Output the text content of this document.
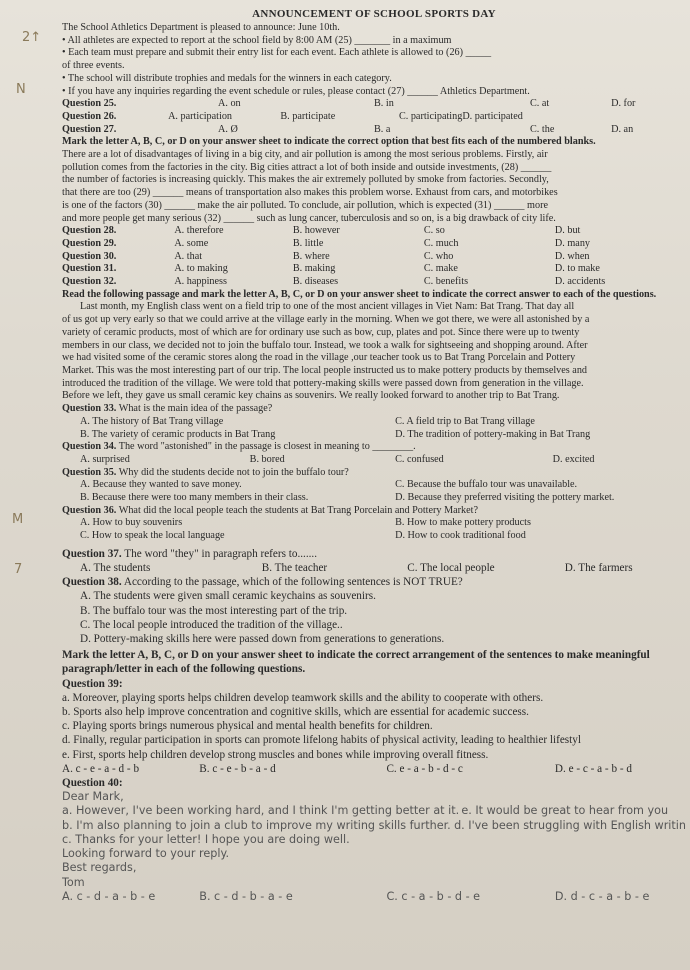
2↑
N
M
7
ANNOUNCEMENT OF SCHOOL SPORTS DAY
The School Athletics Department is pleased to announce: June 10th.
• All athletes are expected to report at the school field by 8:00 AM (25) _______ in a maximum
• Each team must prepare and submit their entry list for each event. Each athlete is allowed to (26) _____
of three events.
• The school will distribute trophies and medals for the winners in each category.
• If you have any inquiries regarding the event schedule or rules, please contact (27) ______ Athletics Department.
Question 25.	A. on	B. in	C. at	D. for
Question 26.	A. participation	B. participate	C. participating D. participated
Question 27.	A. Ø	B. a	C. the	D. an
Mark the letter A, B, C, or D on your answer sheet to indicate the correct option that best fits each of the numbered blanks.
There are a lot of disadvantages of living in a big city, and air pollution is among the most serious problems. Firstly, air
pollution comes from the factories in the city. Big cities attract a lot of both inside and outside investments, (28) ______
the number of factories is increasing quickly. This makes the air extremely polluted by smoke from factories. Secondly,
that there are too (29) ______ means of transportation also makes this problem worse. Exhaust from cars, and motorbikes
is one of the factors (30) ______ make the air polluted. To conclude, air pollution, which is expected (31) ______ more
and more people get many serious (32) ______ such as lung cancer, tuberculosis and so on, is a big drawback of city life.
Question 28.	A. therefore	B. however	C. so	D. but
Question 29.	A. some	B. little	C. much	D. many
Question 30.	A. that	B. where	C. who	D. when
Question 31.	A. to making	B. making	C. make	D. to make
Question 32.	A. happiness	B. diseases	C. benefits	D. accidents
Read the following passage and mark the letter A, B, C, or D on your answer sheet to indicate the correct answer to each of the questions.
Last month, my English class went on a field trip to one of the most ancient villages in Viet Nam: Bat Trang. That day all
of us got up very early so that we could arrive at the village early in the morning. When we got there, we were all astonished by a
variety of ceramic products, most of which are for ordinary use such as bow, cup, plates and pot. Since there were up to twenty
members in our class, we decided not to join the buffalo tour. Instead, we took a walk for sightseeing and shopping around. After
we had visited some of the ceramic stores along the road in the village ,our teacher took us to Bat Trang Porcelain and Pottery
Market. This was the most interesting part of our trip. The local people instructed us to make pottery products by themselves and
introduced the tradition of the village. We were told that pottery-making skills were passed down from generation in the village.
Before we left, they gave us small ceramic key chains as souvenirs. We really looked forward to another trip to Bat Trang.
Question 33. What is the main idea of the passage?
A. The history of Bat Trang village	C. A field trip to Bat Trang village
B. The variety of ceramic products in Bat Trang	D. The tradition of pottery-making in Bat Trang
Question 34. The word "astonished" in the passage is closest in meaning to ________.
A. surprised	B. bored	C. confused	D. excited
Question 35. Why did the students decide not to join the buffalo tour?
A. Because they wanted to save money.	C. Because the buffalo tour was unavailable.
B. Because there were too many members in their class.	D. Because they preferred visiting the pottery market.
Question 36. What did the local people teach the students at Bat Trang Porcelain and Pottery Market?
A. How to buy souvenirs	B. How to make pottery products
C. How to speak the local language	D. How to cook traditional food
Question 37. The word "they" in paragraph refers to.......
A. The students	B. The teacher	C. The local people	D. The farmers
Question 38. According to the passage, which of the following sentences is NOT TRUE?
A. The students were given small ceramic keychains as souvenirs.
B. The buffalo tour was the most interesting part of the trip.
C. The local people introduced the tradition of the village..
D. Pottery-making skills here were passed down from generations to generations.
Mark the letter A, B, C, or D on your answer sheet to indicate the correct arrangement of the sentences to make meaningful paragraph/letter in each of the following questions.
Question 39:
a. Moreover, playing sports helps children develop teamwork skills and the ability to cooperate with others.
b. Sports also help improve concentration and cognitive skills, which are essential for academic success.
c. Playing sports brings numerous physical and mental health benefits for children.
d. Finally, regular participation in sports can promote lifelong habits of physical activity, leading to healthier lifestyl
e. First, sports help children develop strong muscles and bones while improving overall fitness.
A. c - e - a - d - b	B. c - e - b - a - d	C. e - a - b - d - c	D. e - c - a - b - d
Question 40:
Dear Mark,
a. However, I've been working hard, and I think I'm getting better at it. e. It would be great to hear from you
b. I'm also planning to join a club to improve my writing skills further. d. I've been struggling with English writin
c. Thanks for your letter! I hope you are doing well.
Looking forward to your reply.
Best regards,
Tom
A. c - d - a - b - e	B. c - d - b - a - e	C. c - a - b - d - e	D. d - c - a - b - e
